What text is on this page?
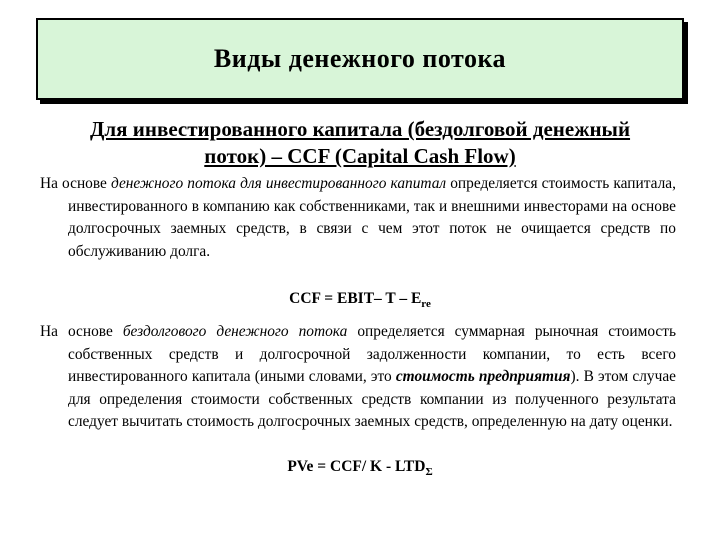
Виды денежного потока
Для инвестированного капитала (бездолговой денежный
поток) – CCF (Capital Cash Flow)
На основе денежного потока для инвестированного капитал определяется стоимость капитала, инвестированного в компанию как собственниками, так и внешними инвесторами на основе долгосрочных заемных средств, в связи с чем этот поток не очищается средств по обслуживанию долга.
CCF = EBIT– T – $E_{re}$
На основе бездолгового денежного потока определяется суммарная рыночная стоимость собственных средств и долгосрочной задолженности компании, то есть всего инвестированного капитала (иными словами, это стоимость предприятия). В этом случае для определения стоимости собственных средств компании из полученного результата следует вычитать стоимость долгосрочных заемных средств, определенную на дату оценки.
PVe = CCF/ K - $LTD_\Sigma$
